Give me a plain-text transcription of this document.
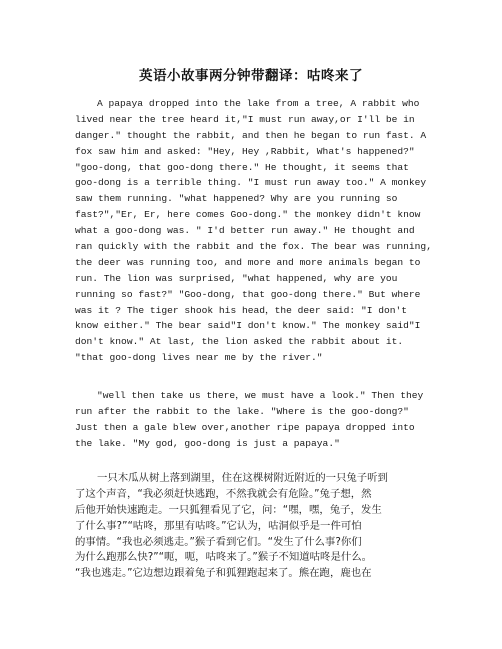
英语小故事两分钟带翻译：咕咚来了
A papaya dropped into the lake from a tree, A rabbit who
lived near the tree heard it,"I must run away,or I'll be in
danger." thought the rabbit, and then he began to run fast. A
fox saw him and asked: "Hey, Hey ,Rabbit, What's happened?"
"goo-dong, that goo-dong there." He thought, it seems that
goo-dong is a terrible thing. "I must run away too." A monkey
saw them running. "what happened? Why are you running so
fast?","Er, Er, here comes Goo-dong." the monkey didn't know
what a goo-dong was. " I'd better run away." He thought and
ran quickly with the rabbit and the fox. The bear was running,
the deer was running too, and more and more animals began to
run. The lion was surprised, "what happened, why are you
running so fast?" "Goo-dong, that goo-dong there." But where
was it ? The tiger shook his head，the deer said: "I don't
know either." The bear said"I don't know." The monkey said"I
don't know." At last, the lion asked the rabbit about it.
"that goo-dong lives near me by the river."
"well then take us there，we must have a look." Then they
run after the rabbit to the lake. "Where is the goo-dong?"
Just then a gale blew over,another ripe papaya dropped into
the lake. "My god, goo-dong is just a papaya."
一只木瓜从树上落到湖里，住在这棵树附近附近的一只兔子听到
了这个声音，“我必须赶快逃跑，不然我就会有危险。”兔子想，然
后他开始快速跑走。一只狐狸看见了它，问：“嘿，嘿，兔子，发生
了什么事?”“咕咚，那里有咕咚。”它认为，咕洞似乎是一件可怕
的事情。“我也必须逃走。”猴子看到它们。“发生了什么事?你们
为什么跑那么快?”“呃，呃，咕咚来了。”猴子不知道咕咚是什么。
“我也逃走。”它边想边跟着兔子和狐狸跑起来了。熊在跑，鹿也在
